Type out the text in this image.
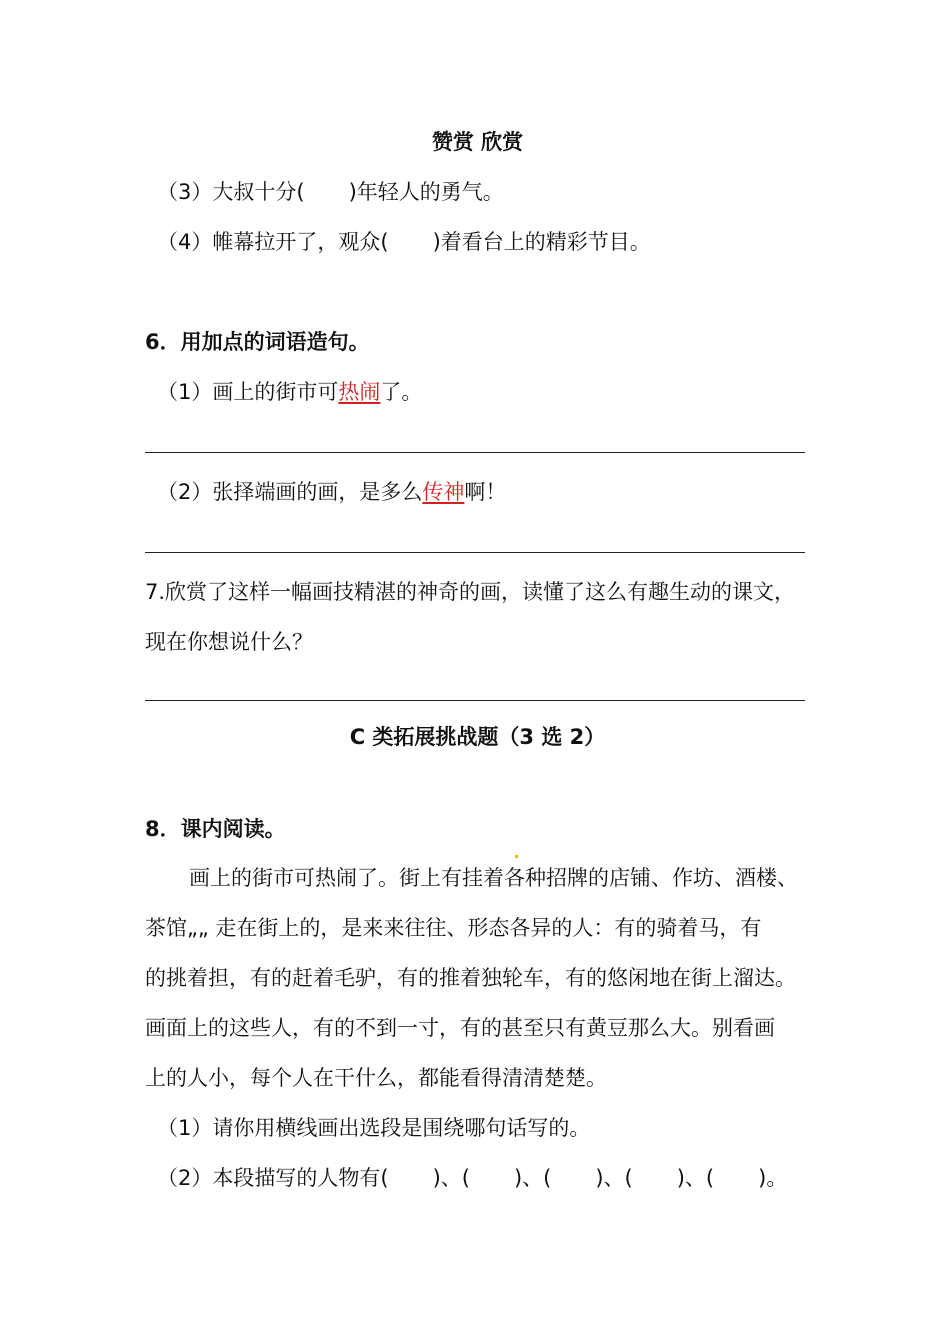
赞赏 欣赏
（3）大叔十分( )年轻人的勇气。
（4）帷幕拉开了，观众( )着看台上的精彩节目。
6．用加点的词语造句。
（1）画上的街市可热闹了。
（2）张择端画的画，是多么传神啊！
7.欣赏了这样一幅画技精湛的神奇的画，读懂了这么有趣生动的课文，
现在你想说什么？
C 类拓展挑战题（3 选 2）
8．课内阅读。
画上的街市可热闹了。街上有挂着各种招牌的店铺、作坊、酒楼、
茶馆„„ 走在街上的，是来来往往、形态各异的人：有的骑着马，有
的挑着担，有的赶着毛驴，有的推着独轮车，有的悠闲地在街上溜达。
画面上的这些人，有的不到一寸，有的甚至只有黄豆那么大。别看画
上的人小，每个人在干什么，都能看得清清楚楚。
（1）请你用横线画出选段是围绕哪句话写的。
（2）本段描写的人物有( )、( )、( )、( )、( )。
